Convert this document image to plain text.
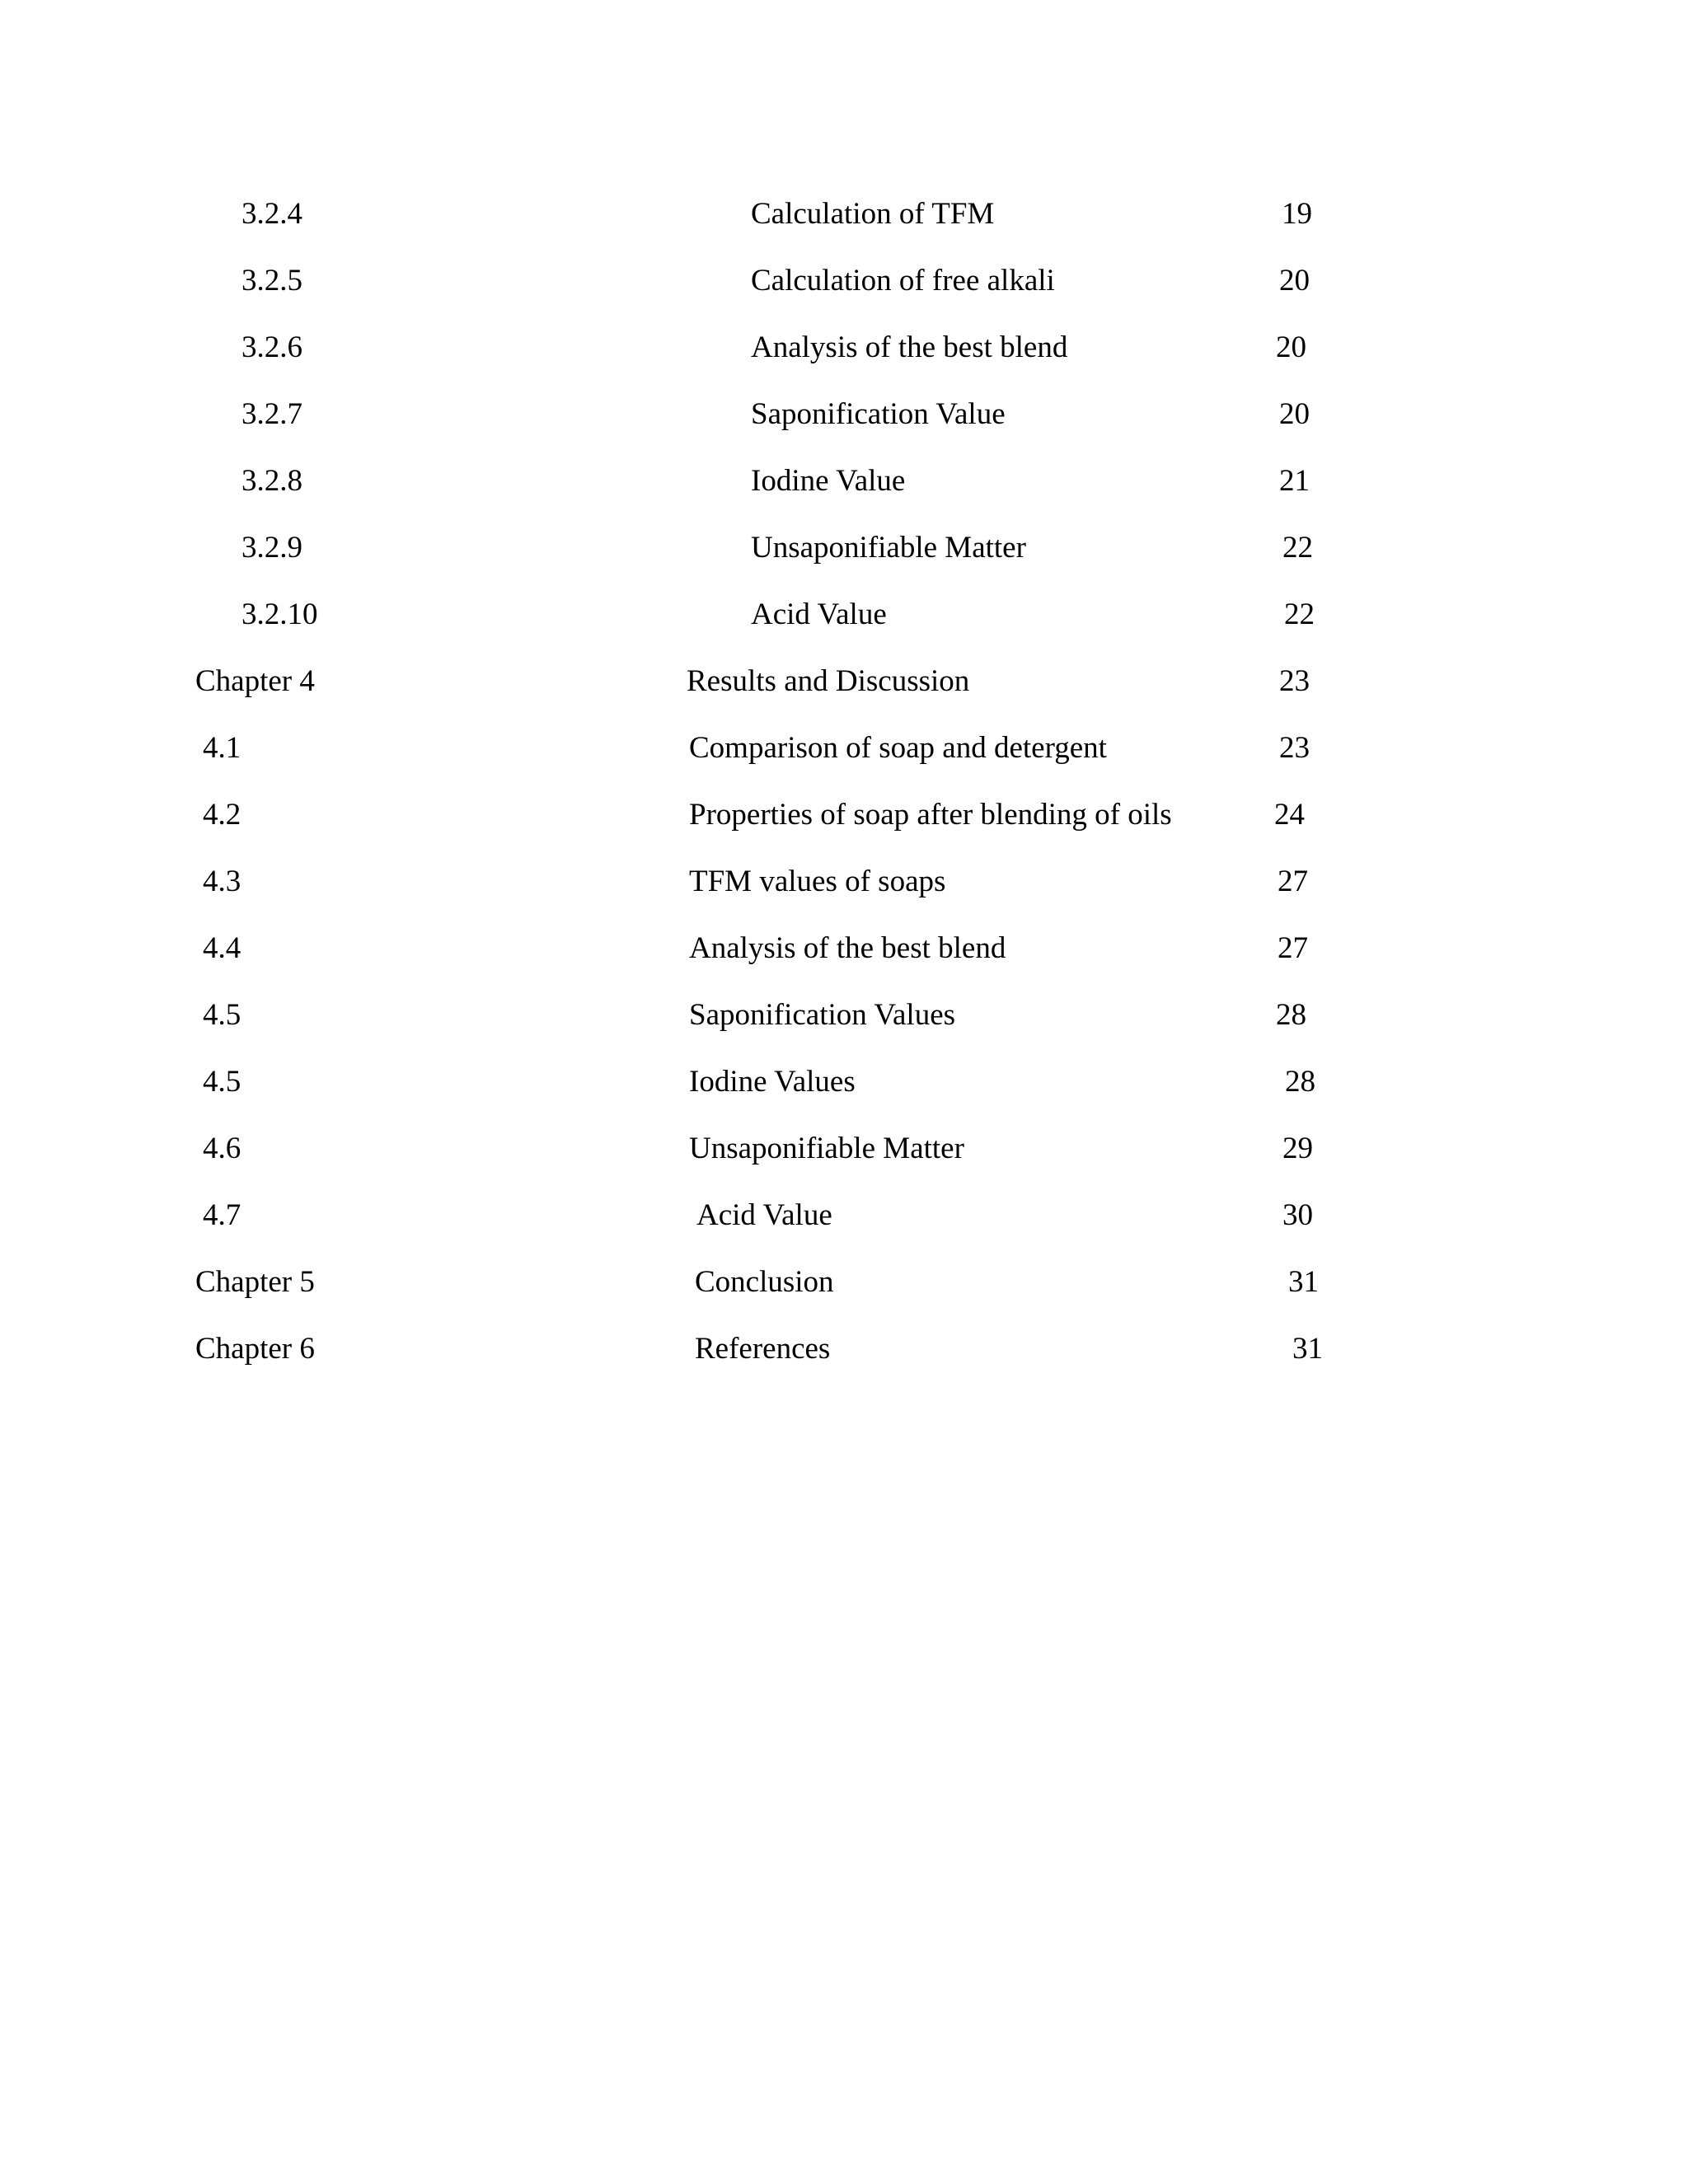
3.2.4	Calculation of TFM	19
3.2.5	Calculation of free alkali	20
3.2.6	Analysis of the best blend	20
3.2.7	Saponification Value	20
3.2.8	Iodine Value	21
3.2.9	Unsaponifiable Matter	22
3.2.10	Acid Value	22
Chapter 4	Results and Discussion	23
4.1	Comparison of soap and detergent	23
4.2	Properties of soap after blending of oils	24
4.3	TFM values of soaps	27
4.4	Analysis of the best blend	27
4.5	Saponification Values	28
4.5	Iodine Values	28
4.6	Unsaponifiable Matter	29
4.7	Acid Value	30
Chapter 5	Conclusion	31
Chapter 6	References	31
